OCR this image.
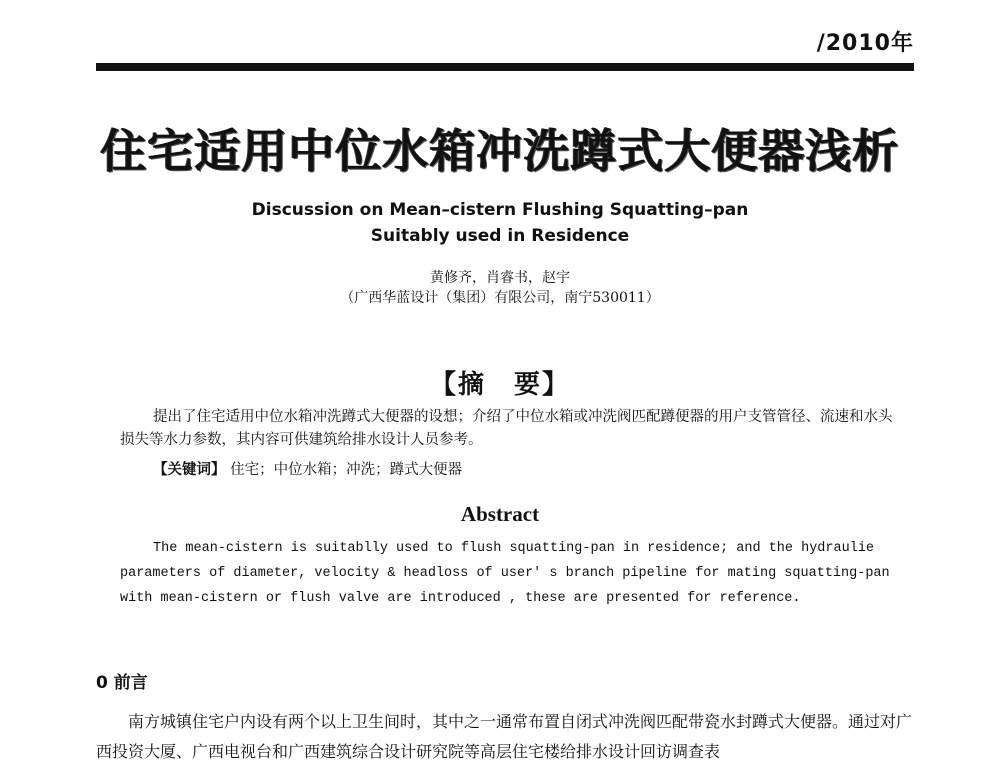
/2010年
住宅适用中位水箱冲洗蹲式大便器浅析
Discussion on Mean–cistern Flushing Squatting–pan
Suitably used in Residence
黄修齐，肖睿书，赵宇
（广西华蓝设计（集团）有限公司，南宁530011）
【摘　要】

提出了住宅适用中位水箱冲洗蹲式大便器的设想；介绍了中位水箱或冲洗阀匹配蹲便器的用户支管管径、流速和水头损失等水力参数，其内容可供建筑给排水设计人员参考。

【关键词】 住宅；中位水箱；冲洗；蹲式大便器
Abstract
The mean-cistern is suitablly used to flush squatting-pan in residence; and the hydraulie parameters of diameter, velocity & headloss of user' s branch pipeline for mating squatting-pan with mean-cistern or flush valve are introduced , these are presented for reference.
0 前言
南方城镇住宅户内设有两个以上卫生间时，其中之一通常布置自闭式冲洗阀匹配带瓷水封蹲式大便器。通过对广西投资大厦、广西电视台和广西建筑综合设计研究院等高层住宅楼给排水设计回访调查表
